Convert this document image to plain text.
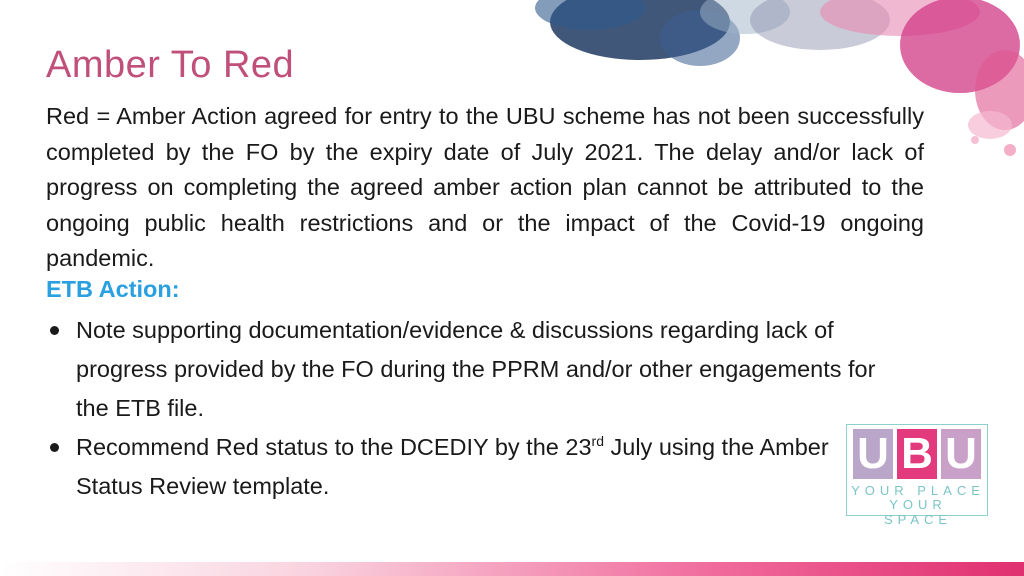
Amber To Red
Red = Amber Action agreed for entry to the UBU scheme has not been successfully completed by the FO by the expiry date of July 2021. The delay and/or lack of progress on completing the agreed amber action plan cannot be attributed to the ongoing public health restrictions and or the impact of the Covid-19 ongoing pandemic.
ETB Action:
Note supporting documentation/evidence & discussions regarding lack of progress provided by the FO during the PPRM and/or other engagements for the ETB file.
Recommend Red status to the DCEDIY by the 23rd July using the Amber Status Review template.
U B U
YOUR PLACE
YOUR SPACE
